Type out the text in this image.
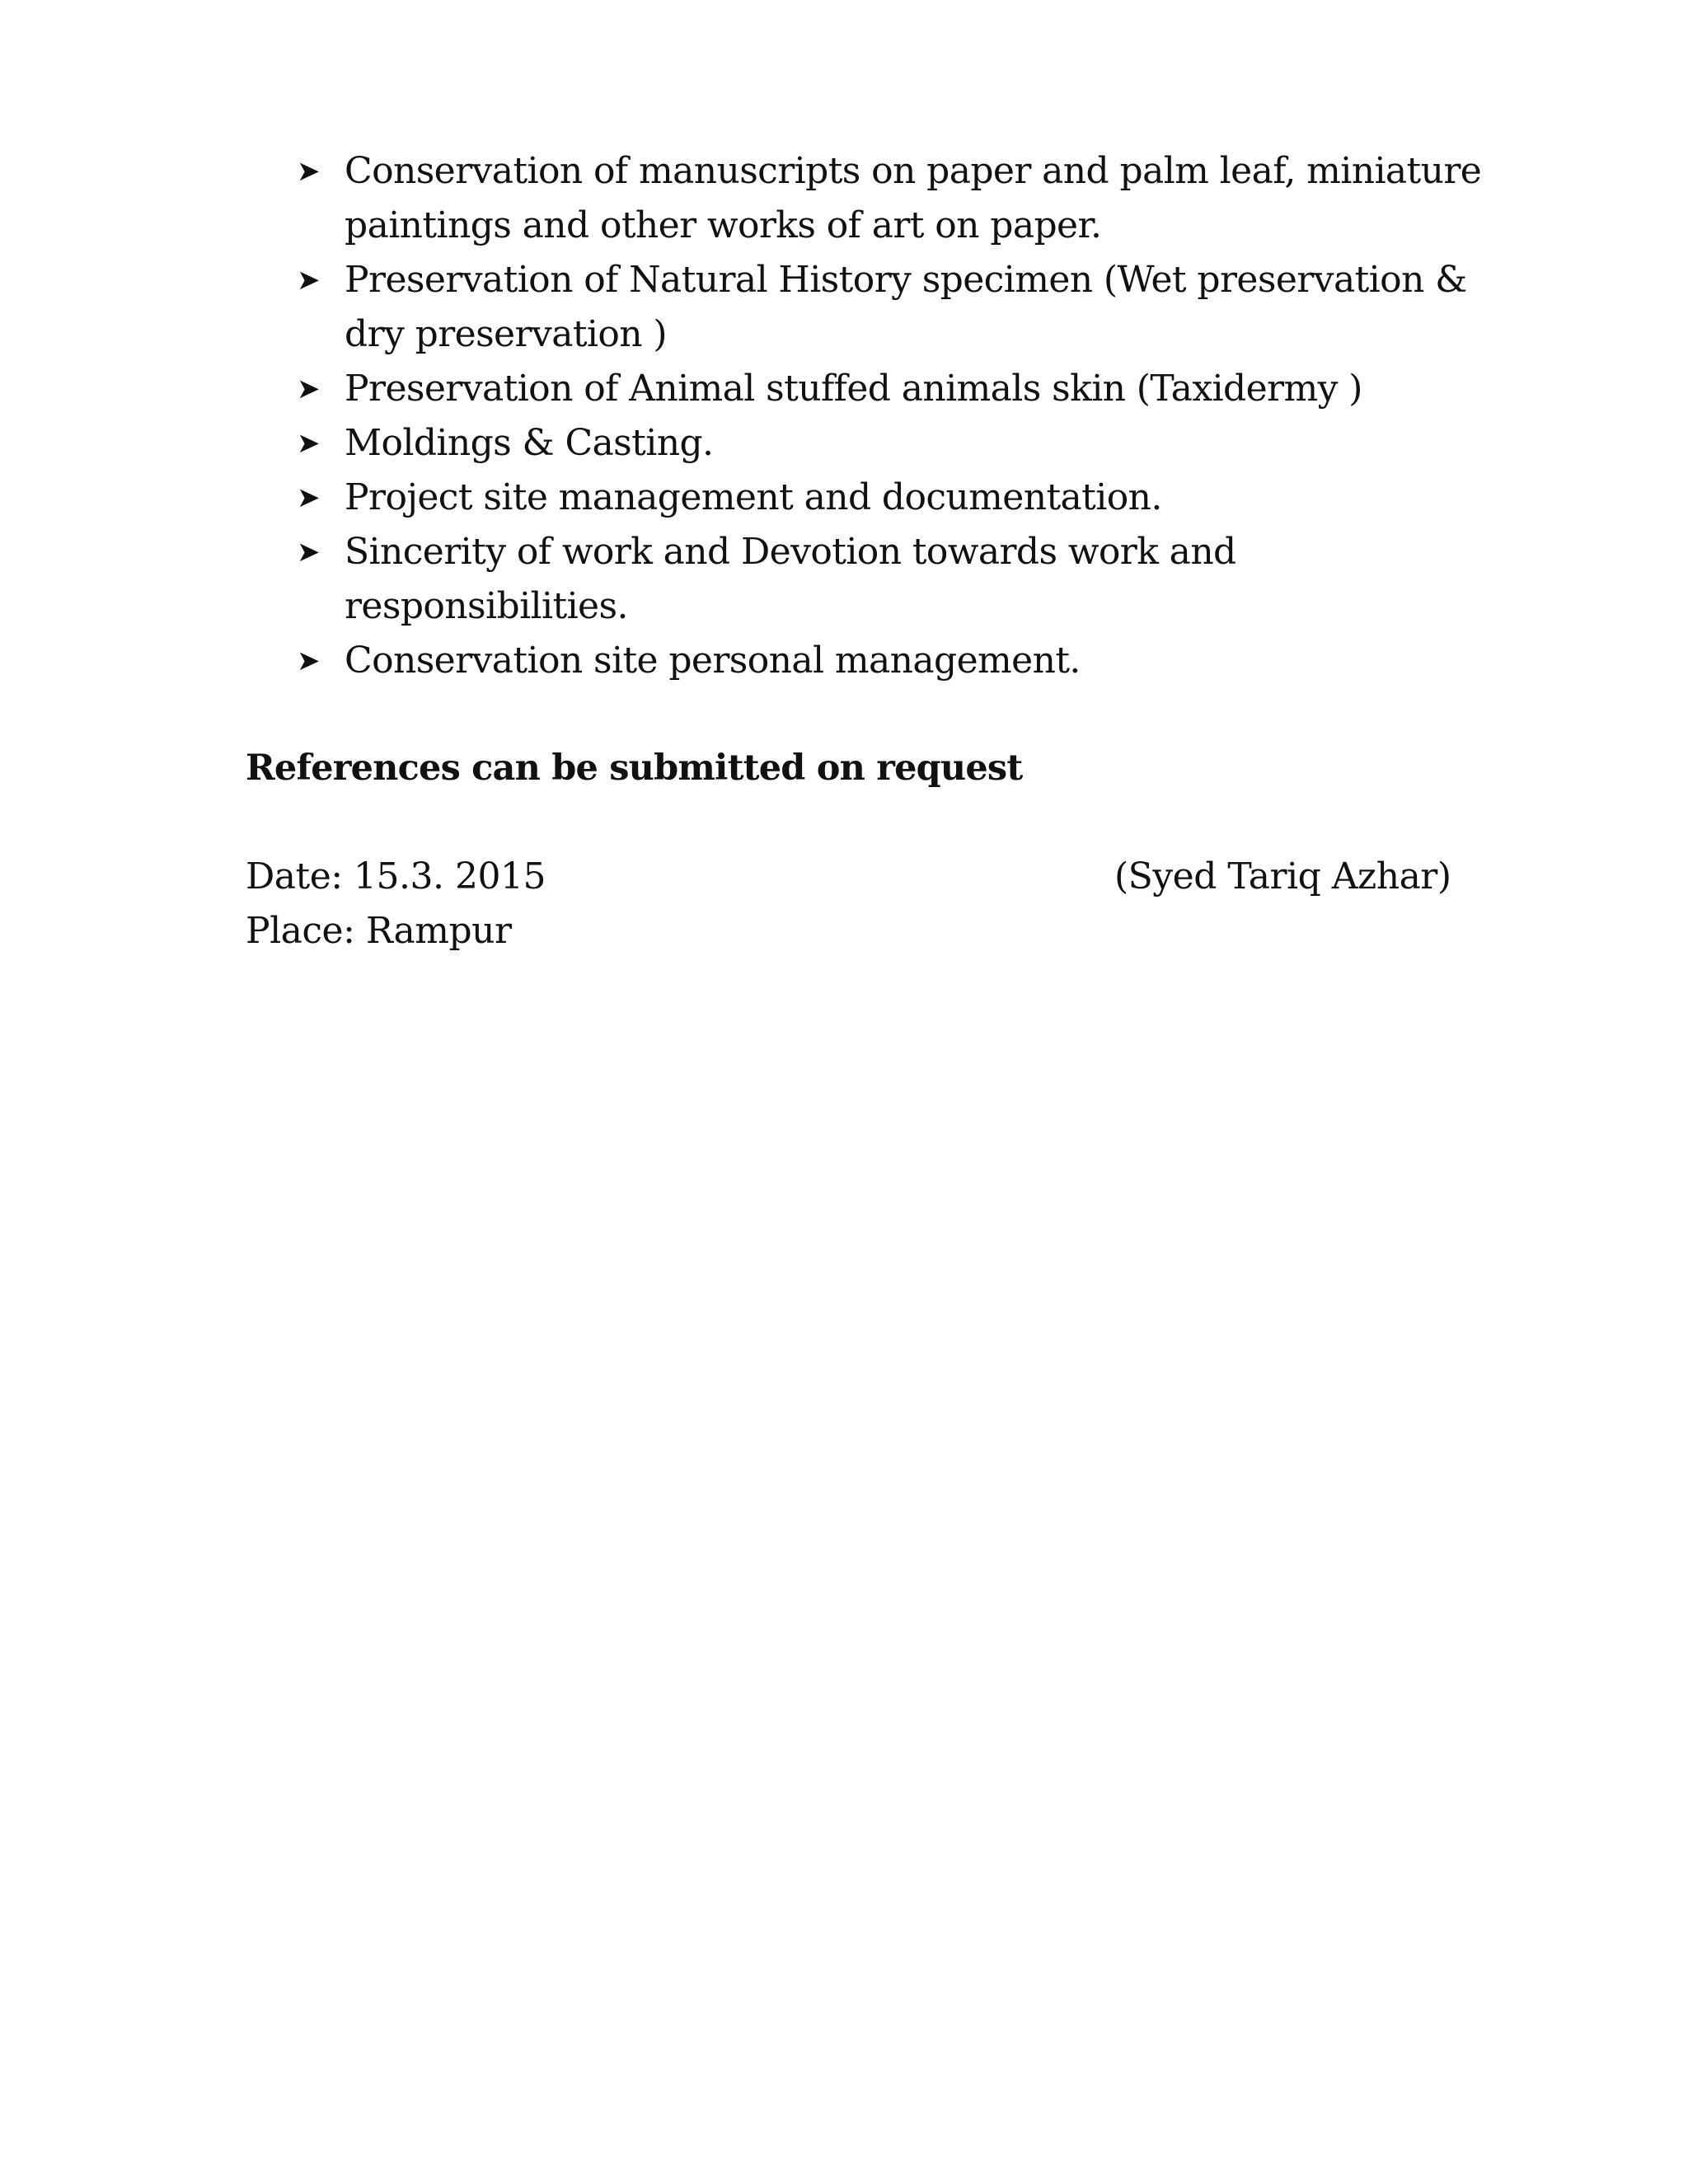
➤ Conservation of manuscripts on paper and palm leaf, miniature paintings and other works of art on paper.
➤ Preservation of Natural History specimen (Wet preservation & dry preservation )
➤ Preservation of Animal stuffed animals skin (Taxidermy )
➤ Moldings & Casting.
➤ Project site management and documentation.
➤ Sincerity of work and Devotion towards work and responsibilities.
➤ Conservation site personal management.
References can be submitted on request
Date: 15.3. 2015
Place: Rampur
(Syed Tariq Azhar)
